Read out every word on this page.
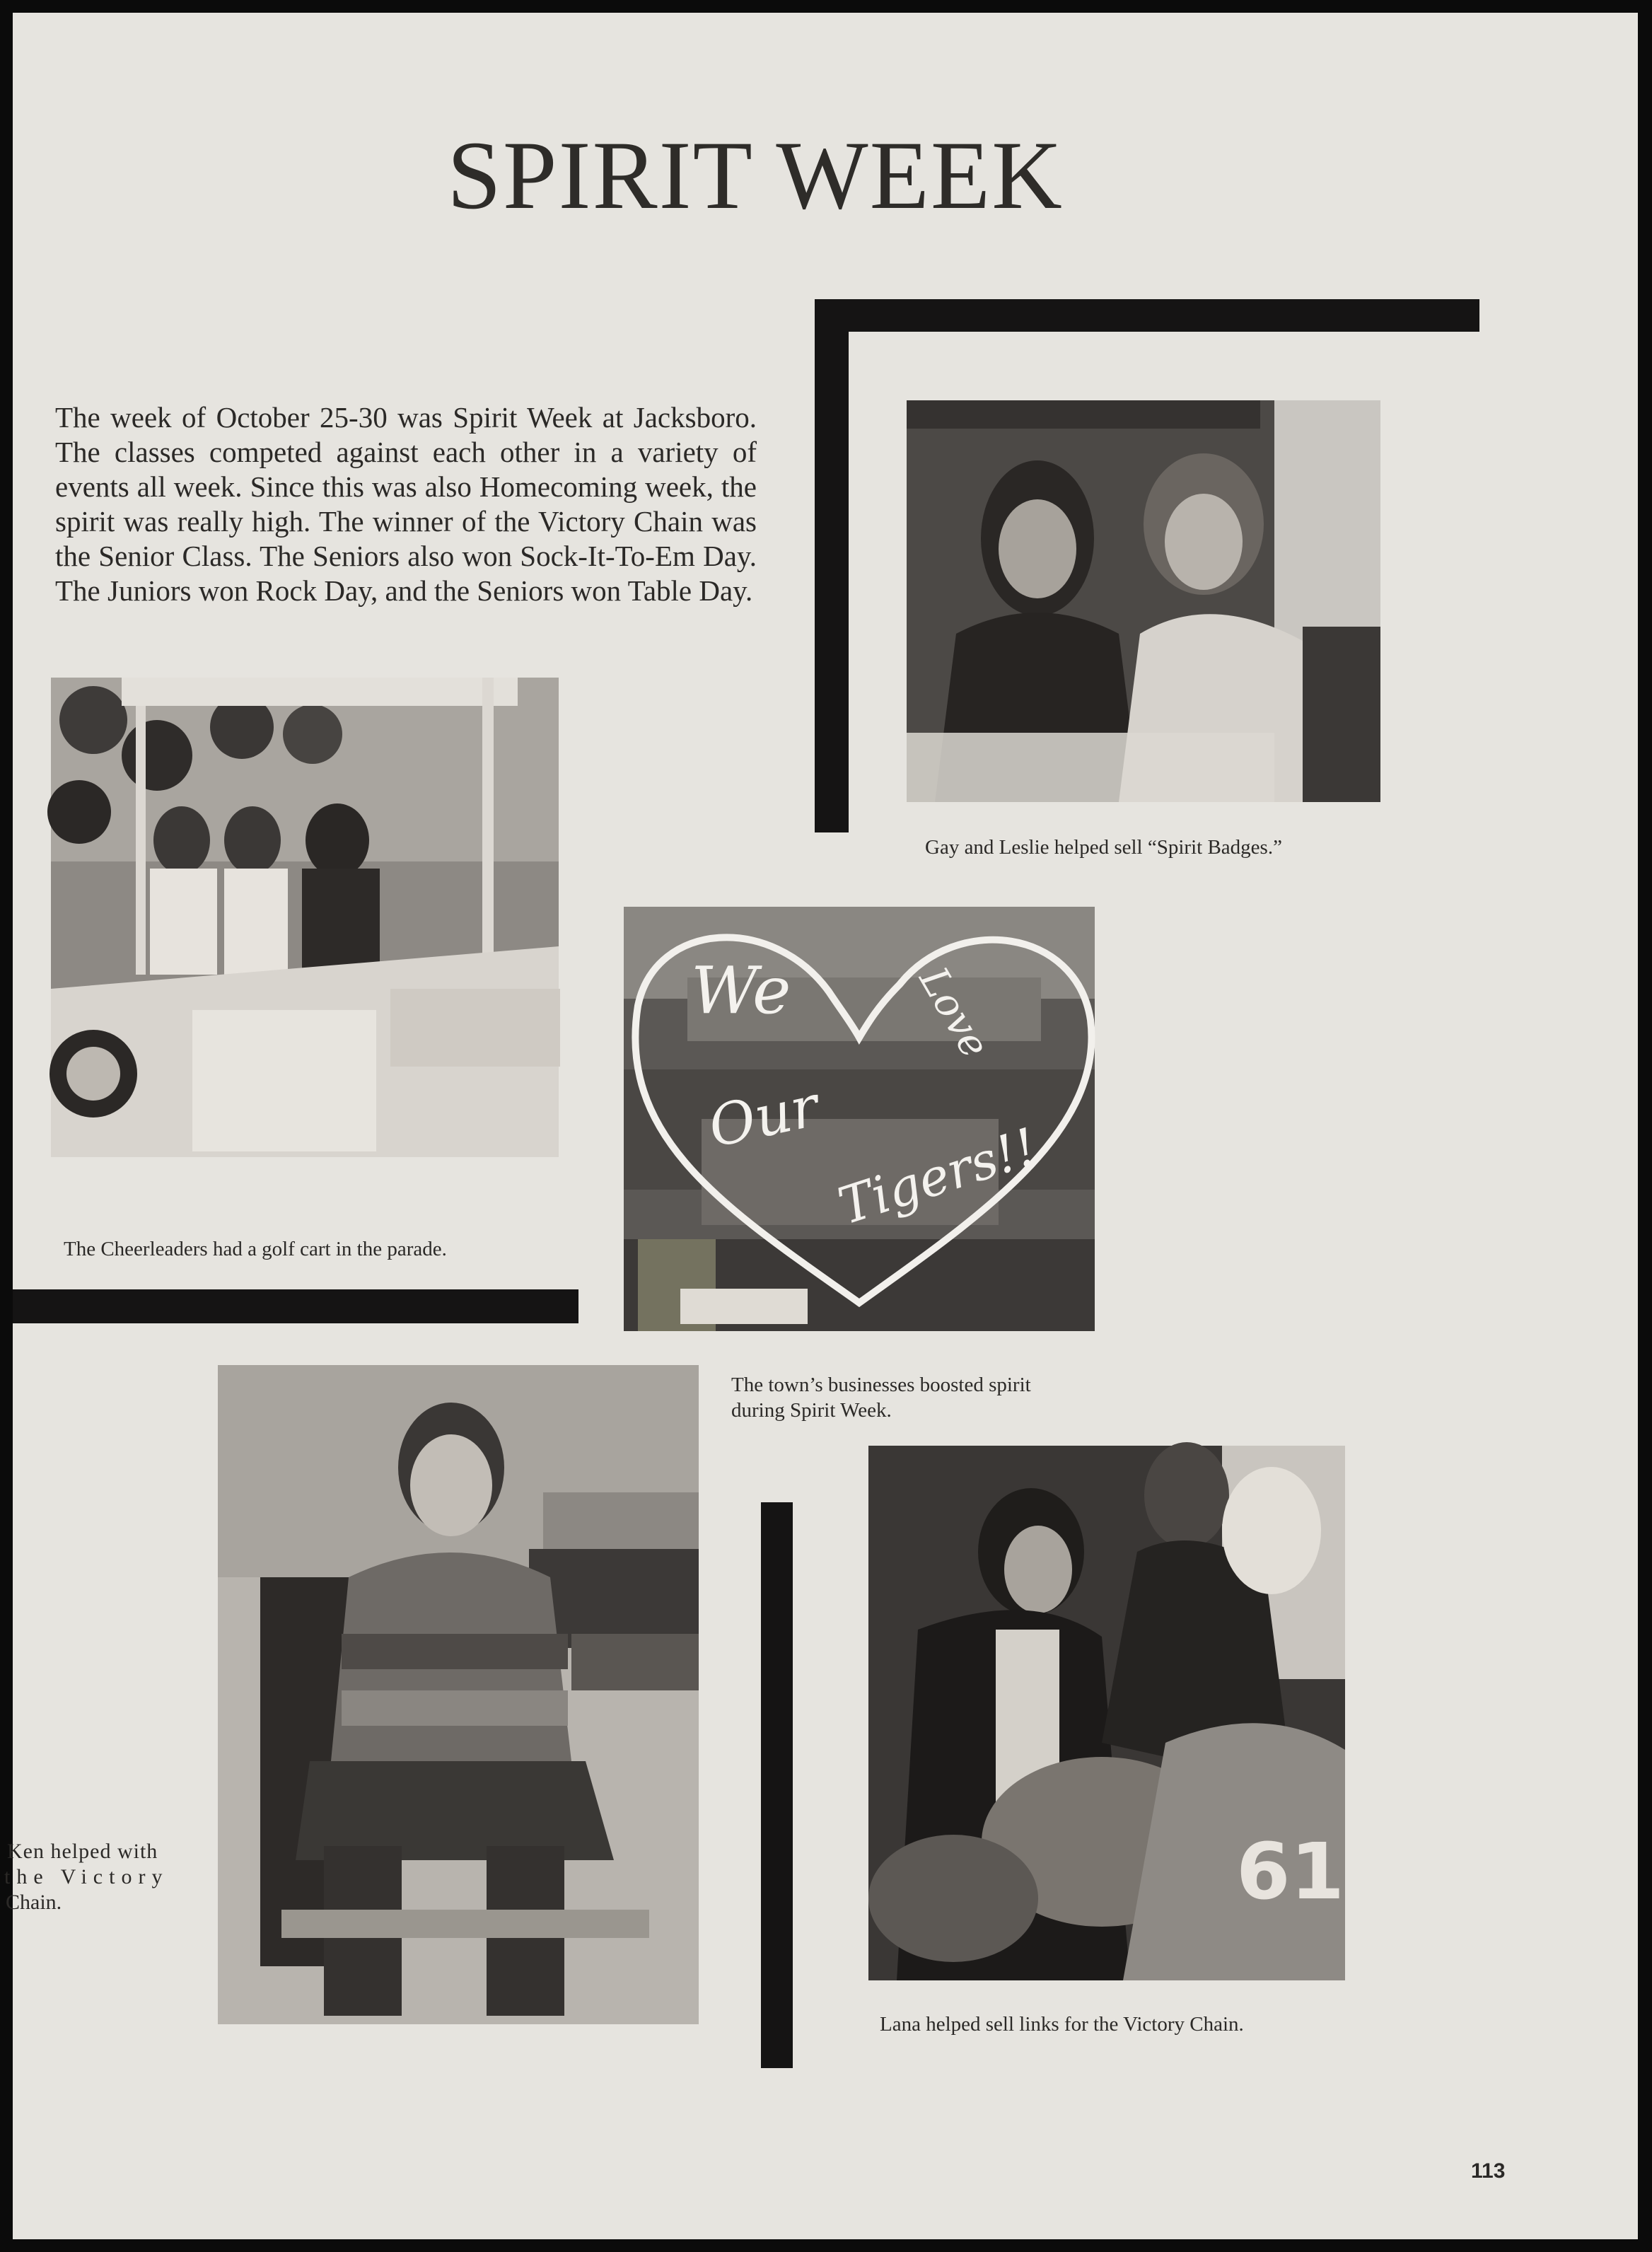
SPIRIT WEEK

The week of October 25-30 was Spirit Week at Jacksboro. The classes competed against each other in a variety of events all week. Since this was also Homecoming week, the spirit was really high. The winner of the Victory Chain was the Senior Class. The Seniors also won Sock-It-To-Em Day. The Juniors won Rock Day, and the Seniors won Table Day.

Gay and Leslie helped sell “Spirit Badges.”

The Cheerleaders had a golf cart in the parade.

We	Love
Our Tigers!!

The town’s businesses boosted spirit

during Spirit Week.

Ken helped with

the Victory

Chain.	61

Lana helped sell links for the Victory Chain.

113
